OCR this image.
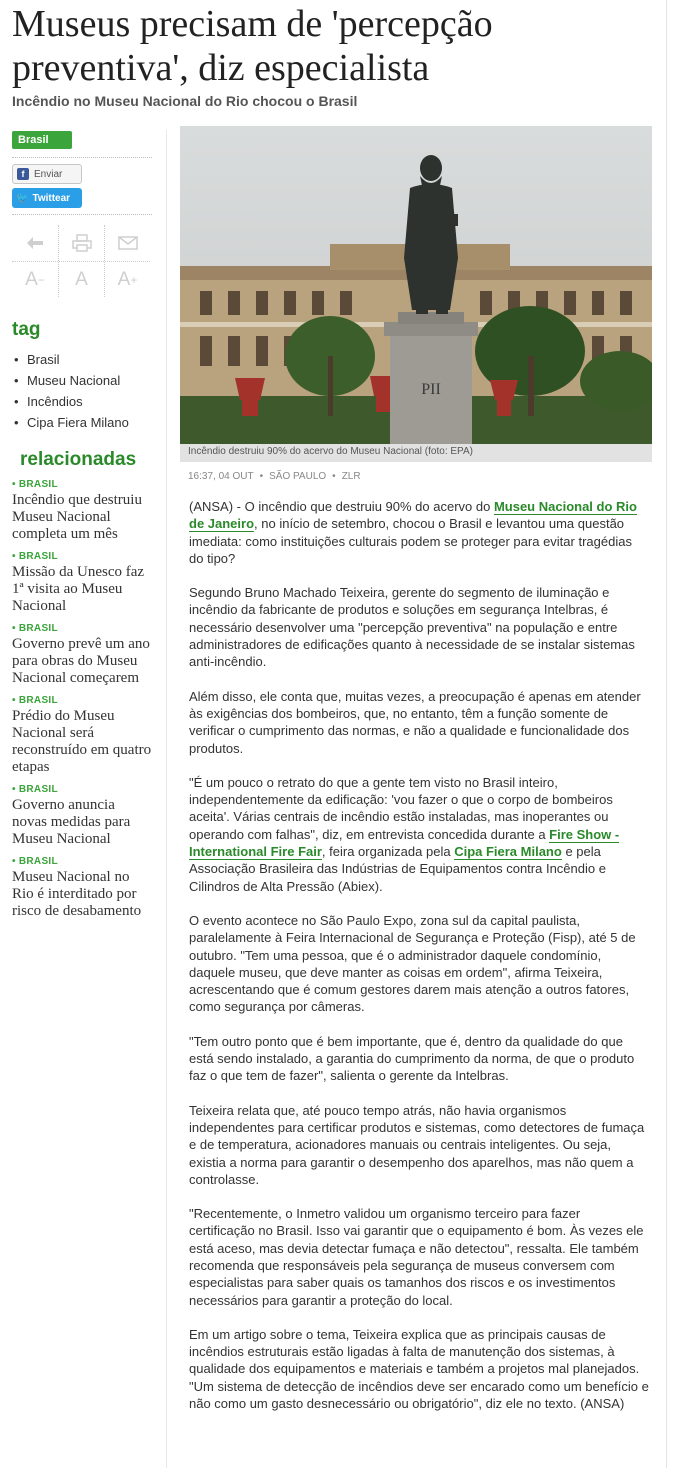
Museus precisam de 'percepção preventiva', diz especialista
Incêndio no Museu Nacional do Rio chocou o Brasil
Brasil
f Enviar
🐦 Twittear
A −	A	A +
tag
• Brasil
• Museu Nacional
• Incêndios
• Cipa Fiera Milano
relacionadas
• BRASIL
Incêndio que destruiu Museu Nacional completa um mês
• BRASIL
Missão da Unesco faz 1ª visita ao Museu Nacional
• BRASIL
Governo prevê um ano para obras do Museu Nacional começarem
• BRASIL
Prédio do Museu Nacional será reconstruído em quatro etapas
• BRASIL
Governo anuncia novas medidas para Museu Nacional
• BRASIL
Museu Nacional no Rio é interditado por risco de desabamento
PII
Incêndio destruiu 90% do acervo do Museu Nacional (foto: EPA)
16:37, 04 OUT • SÃO PAULO • ZLR

(ANSA) - O incêndio que destruiu 90% do acervo do Museu Nacional do Rio de Janeiro, no início de setembro, chocou o Brasil e levantou uma questão imediata: como instituições culturais podem se proteger para evitar tragédias do tipo?

Segundo Bruno Machado Teixeira, gerente do segmento de iluminação e incêndio da fabricante de produtos e soluções em segurança Intelbras, é necessário desenvolver uma "percepção preventiva" na população e entre administradores de edificações quanto à necessidade de se instalar sistemas anti-incêndio.

Além disso, ele conta que, muitas vezes, a preocupação é apenas em atender às exigências dos bombeiros, que, no entanto, têm a função somente de verificar o cumprimento das normas, e não a qualidade e funcionalidade dos produtos.

"É um pouco o retrato do que a gente tem visto no Brasil inteiro, independentemente da edificação: 'vou fazer o que o corpo de bombeiros aceita'. Várias centrais de incêndio estão instaladas, mas inoperantes ou operando com falhas", diz, em entrevista concedida durante a Fire Show - International Fire Fair, feira organizada pela Cipa Fiera Milano e pela Associação Brasileira das Indústrias de Equipamentos contra Incêndio e Cilindros de Alta Pressão (Abiex).

O evento acontece no São Paulo Expo, zona sul da capital paulista, paralelamente à Feira Internacional de Segurança e Proteção (Fisp), até 5 de outubro. "Tem uma pessoa, que é o administrador daquele condomínio, daquele museu, que deve manter as coisas em ordem", afirma Teixeira, acrescentando que é comum gestores darem mais atenção a outros fatores, como segurança por câmeras.

"Tem outro ponto que é bem importante, que é, dentro da qualidade do que está sendo instalado, a garantia do cumprimento da norma, de que o produto faz o que tem de fazer", salienta o gerente da Intelbras.

Teixeira relata que, até pouco tempo atrás, não havia organismos independentes para certificar produtos e sistemas, como detectores de fumaça e de temperatura, acionadores manuais ou centrais inteligentes. Ou seja, existia a norma para garantir o desempenho dos aparelhos, mas não quem a controlasse.

"Recentemente, o Inmetro validou um organismo terceiro para fazer certificação no Brasil. Isso vai garantir que o equipamento é bom. Às vezes ele está aceso, mas devia detectar fumaça e não detectou", ressalta. Ele também recomenda que responsáveis pela segurança de museus conversem com especialistas para saber quais os tamanhos dos riscos e os investimentos necessários para garantir a proteção do local.

Em um artigo sobre o tema, Teixeira explica que as principais causas de incêndios estruturais estão ligadas à falta de manutenção dos sistemas, à qualidade dos equipamentos e materiais e também a projetos mal planejados. "Um sistema de detecção de incêndios deve ser encarado como um benefício e não como um gasto desnecessário ou obrigatório", diz ele no texto. (ANSA)
